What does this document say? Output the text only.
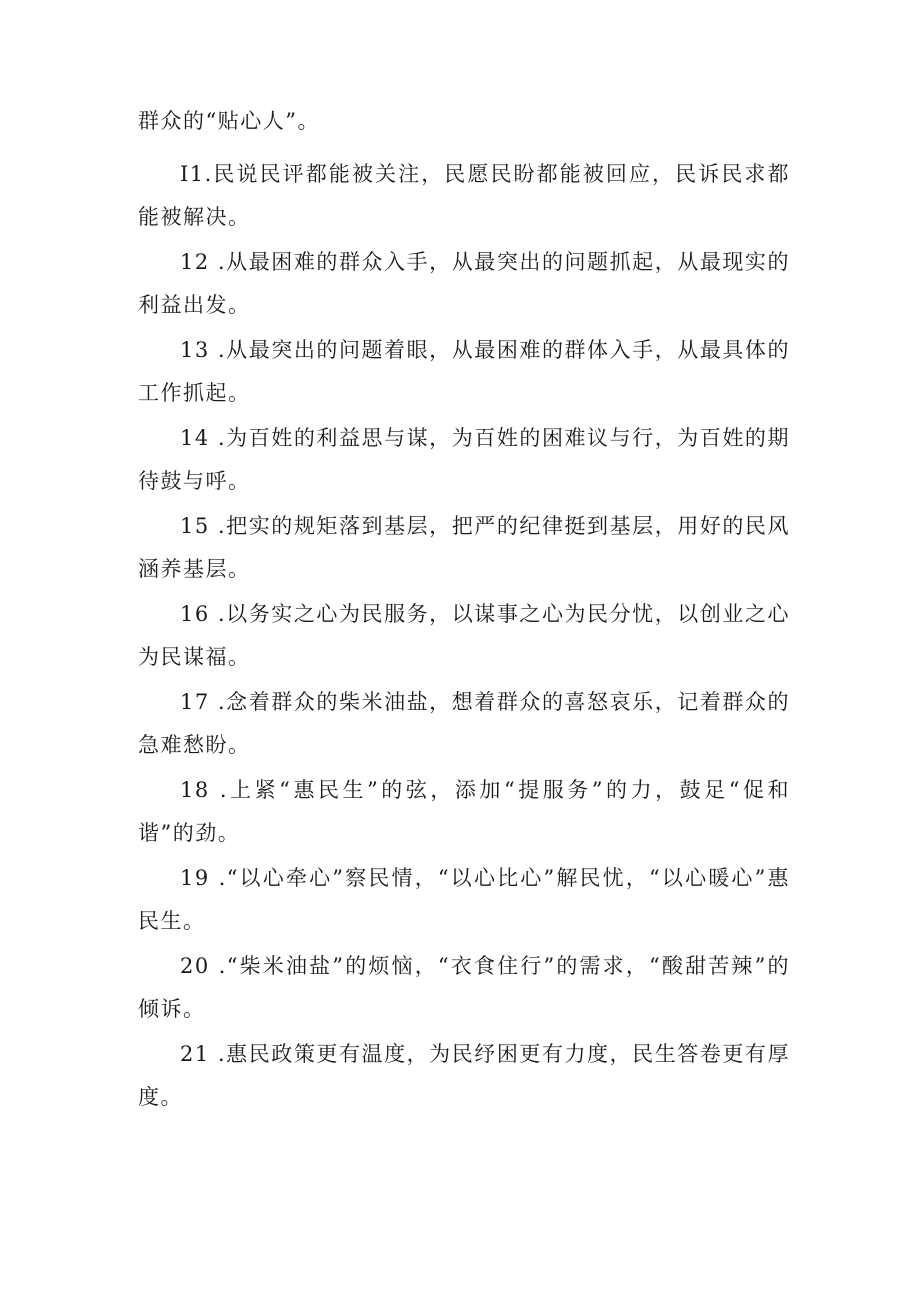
群众的“贴心人”。

I1.民说民评都能被关注，民愿民盼都能被回应，民诉民求都能被解决。

12 .从最困难的群众入手，从最突出的问题抓起，从最现实的利益出发。

13 .从最突出的问题着眼，从最困难的群体入手，从最具体的工作抓起。

14 .为百姓的利益思与谋，为百姓的困难议与行，为百姓的期待鼓与呼。

15 .把实的规矩落到基层，把严的纪律挺到基层，用好的民风涵养基层。

16 .以务实之心为民服务，以谋事之心为民分忧，以创业之心为民谋福。

17 .念着群众的柴米油盐，想着群众的喜怒哀乐，记着群众的急难愁盼。

18 .上紧“惠民生”的弦，添加“提服务”的力，鼓足“促和谐”的劲。

19 .“以心牵心”察民情，“以心比心”解民忧，“以心暖心”惠民生。

20 .“柴米油盐”的烦恼，“衣食住行”的需求，“酸甜苦辣”的倾诉。

21 .惠民政策更有温度，为民纾困更有力度，民生答卷更有厚度。
